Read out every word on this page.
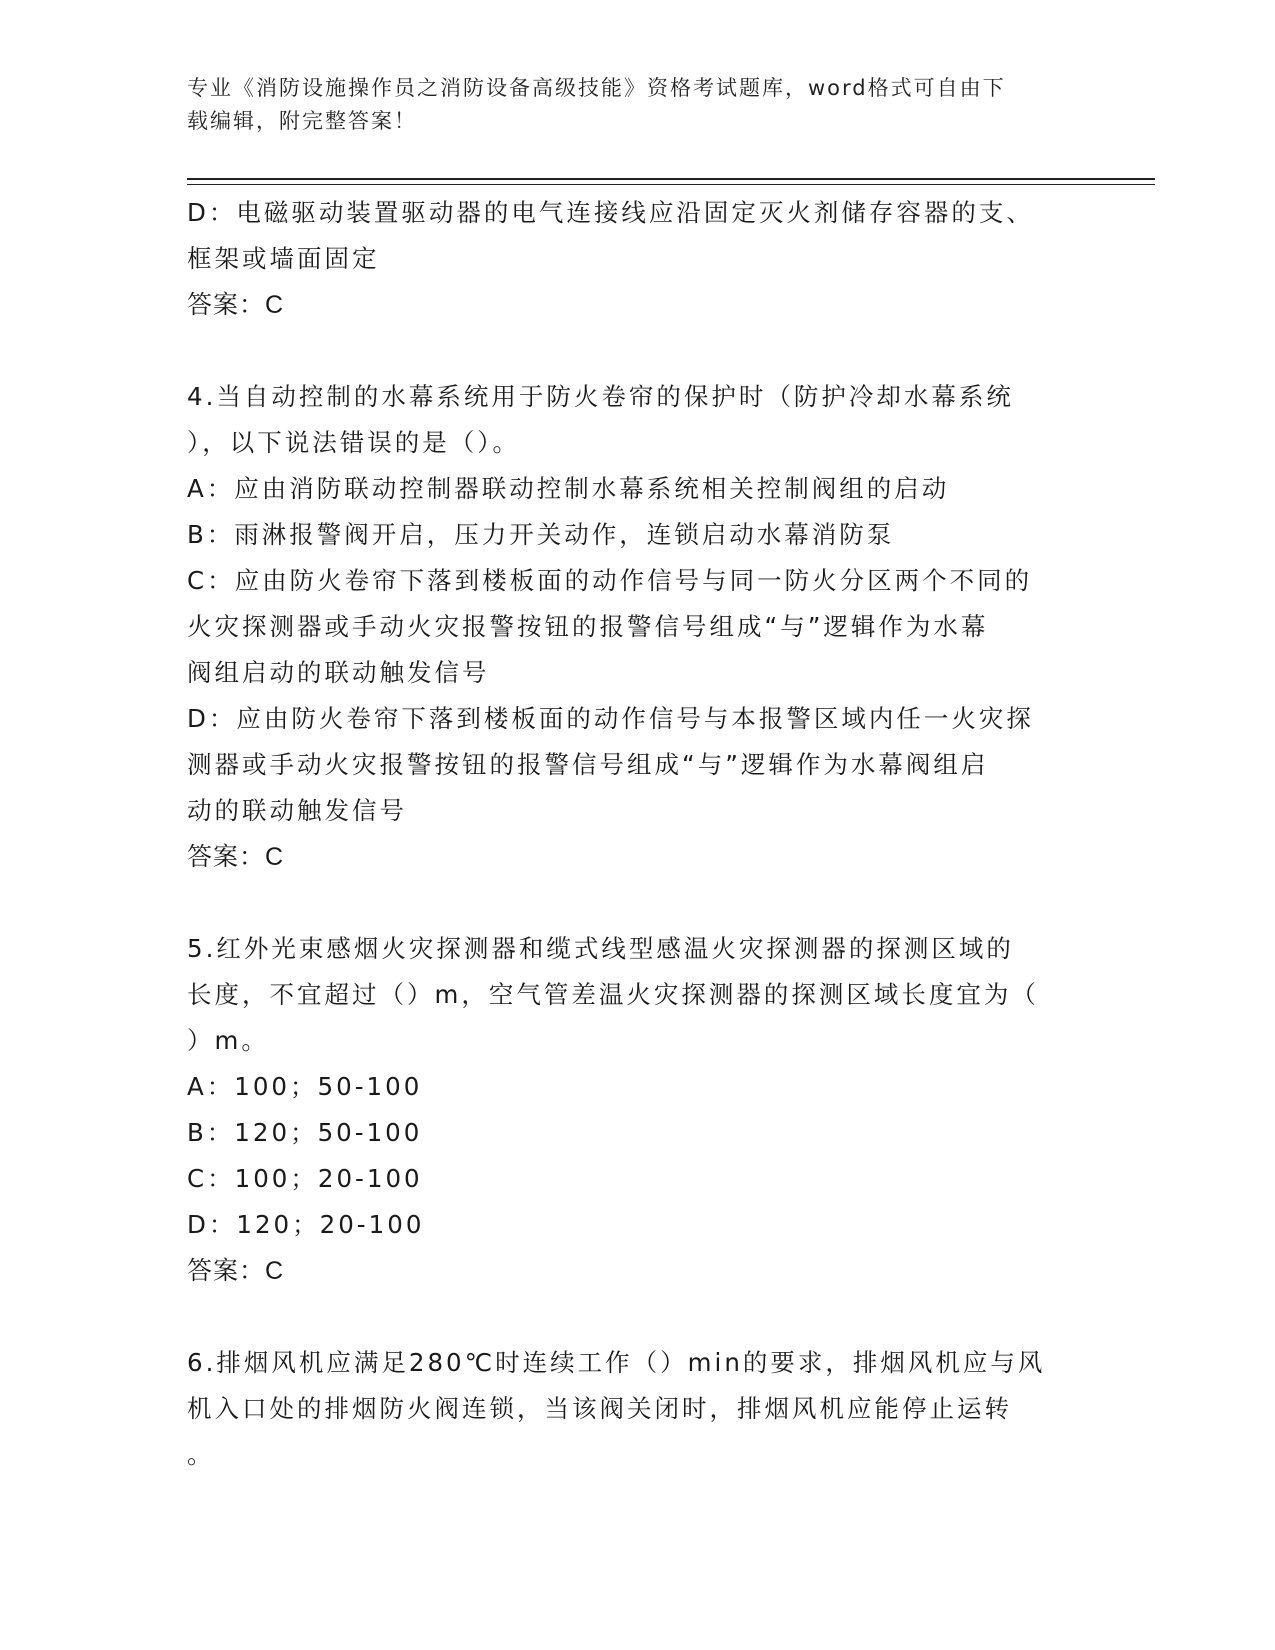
专业《消防设施操作员之消防设备高级技能》资格考试题库，word格式可自由下
载编辑，附完整答案！

D：电磁驱动装置驱动器的电气连接线应沿固定灭火剂储存容器的支、

框架或墙面固定

答案：C

4.当自动控制的水幕系统用于防火卷帘的保护时（防护冷却水幕系统

），以下说法错误的是（）。

A：应由消防联动控制器联动控制水幕系统相关控制阀组的启动

B：雨淋报警阀开启，压力开关动作，连锁启动水幕消防泵

C：应由防火卷帘下落到楼板面的动作信号与同一防火分区两个不同的

火灾探测器或手动火灾报警按钮的报警信号组成“与”逻辑作为水幕

阀组启动的联动触发信号

D：应由防火卷帘下落到楼板面的动作信号与本报警区域内任一火灾探

测器或手动火灾报警按钮的报警信号组成“与”逻辑作为水幕阀组启

动的联动触发信号

答案：C

5.红外光束感烟火灾探测器和缆式线型感温火灾探测器的探测区域的

长度，不宜超过（）m，空气管差温火灾探测器的探测区域长度宜为（

）m。

A：100；50-100

B：120；50-100

C：100；20-100

D：120；20-100

答案：C

6.排烟风机应满足280℃时连续工作（）min的要求，排烟风机应与风

机入口处的排烟防火阀连锁，当该阀关闭时，排烟风机应能停止运转

。
